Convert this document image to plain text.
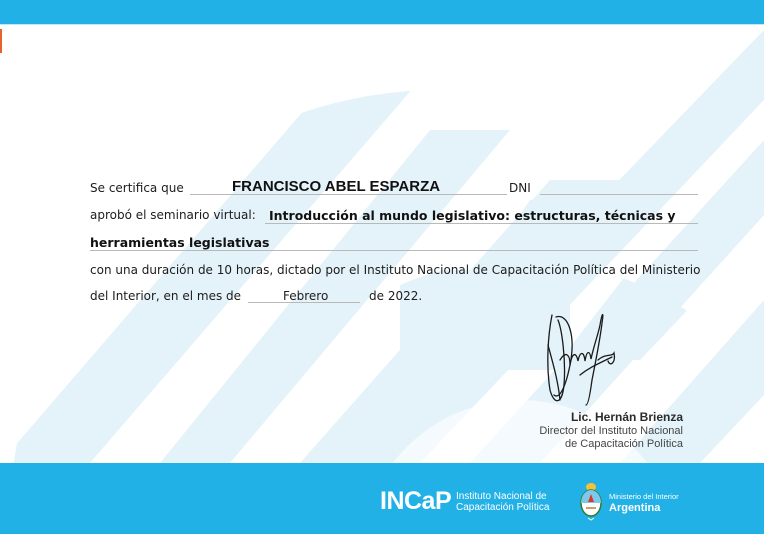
Se certifica que	FRANCISCO ABEL ESPARZA	DNI
aprobó el seminario virtual: Introducción al mundo legislativo: estructuras, técnicas y
herramientas legislativas
con una duración de 10 horas, dictado por el Instituto Nacional de Capacitación Política del Ministerio
del Interior, en el mes de	Febrero	de 2022.
Lic. Hernán Brienza
Director del Instituto Nacional
de Capacitación Política
INCaP Instituto Nacional de
Capacitación Política
Ministerio del Interior
Argentina
